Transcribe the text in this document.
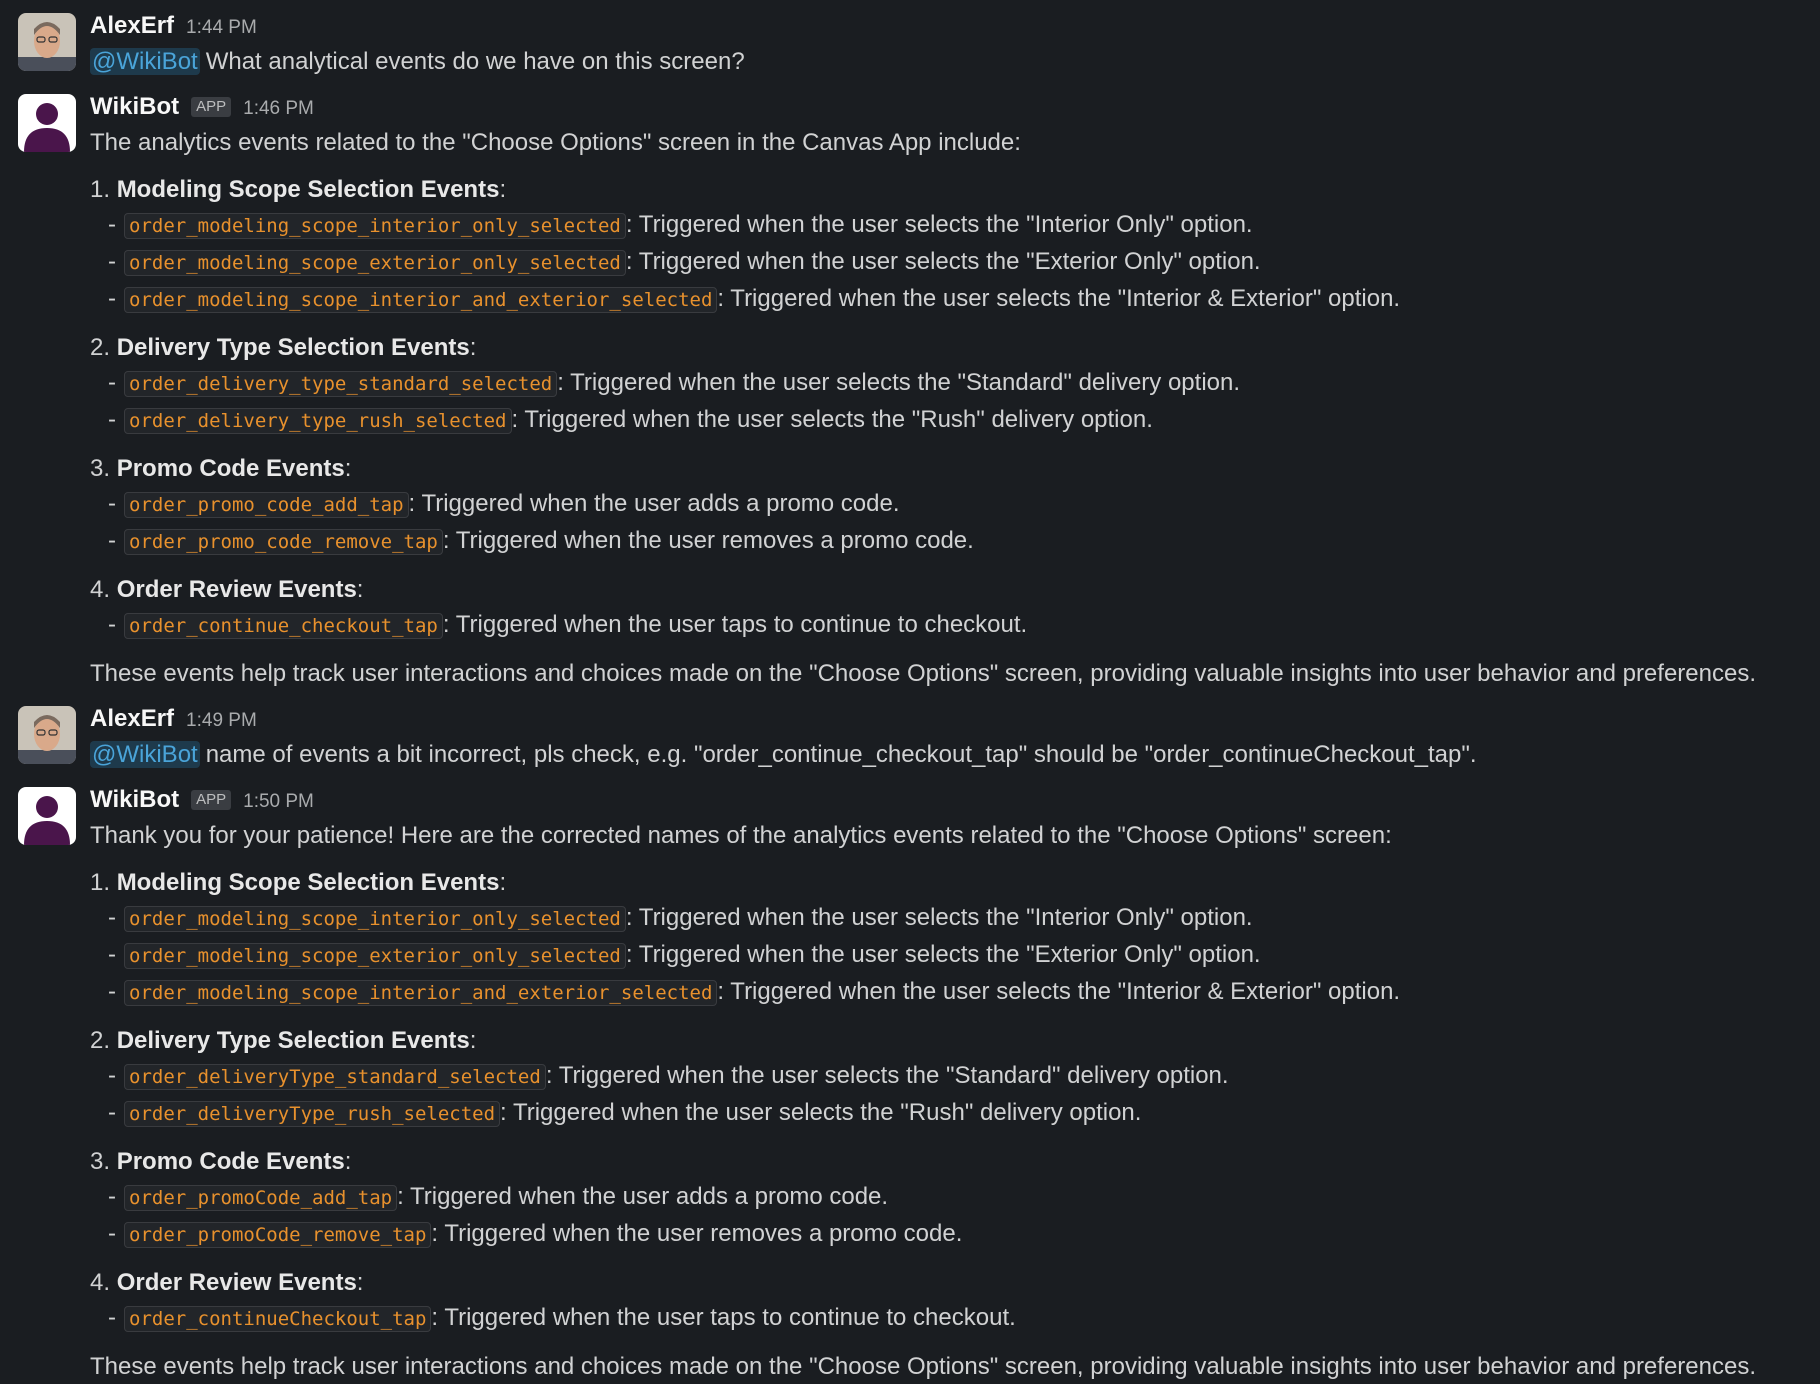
AlexErf 1:44 PM
@WikiBot What analytical events do we have on this screen?
WikiBot	APP 1:46 PM
The analytics events related to the "Choose Options" screen in the Canvas App include:
1. Modeling Scope Selection Events:
- order_modeling_scope_interior_only_selected : Triggered when the user selects the "Interior Only" option.
- order_modeling_scope_exterior_only_selected : Triggered when the user selects the "Exterior Only" option.
- order_modeling_scope_interior_and_exterior_selected : Triggered when the user selects the "Interior & Exterior" option.
2. Delivery Type Selection Events:
- order_delivery_type_standard_selected : Triggered when the user selects the "Standard" delivery option.
- order_delivery_type_rush_selected : Triggered when the user selects the "Rush" delivery option.
3. Promo Code Events:
- order_promo_code_add_tap : Triggered when the user adds a promo code.
- order_promo_code_remove_tap : Triggered when the user removes a promo code.
4. Order Review Events:
- order_continue_checkout_tap : Triggered when the user taps to continue to checkout.
These events help track user interactions and choices made on the "Choose Options" screen, providing valuable insights into user behavior and preferences.
AlexErf 1:49 PM
@WikiBot name of events a bit incorrect, pls check, e.g. "order_continue_checkout_tap" should be "order_continueCheckout_tap".
WikiBot	APP 1:50 PM
Thank you for your patience! Here are the corrected names of the analytics events related to the "Choose Options" screen:
1. Modeling Scope Selection Events:
- order_modeling_scope_interior_only_selected : Triggered when the user selects the "Interior Only" option.
- order_modeling_scope_exterior_only_selected : Triggered when the user selects the "Exterior Only" option.
- order_modeling_scope_interior_and_exterior_selected : Triggered when the user selects the "Interior & Exterior" option.
2. Delivery Type Selection Events:
- order_deliveryType_standard_selected : Triggered when the user selects the "Standard" delivery option.
- order_deliveryType_rush_selected : Triggered when the user selects the "Rush" delivery option.
3. Promo Code Events:
- order_promoCode_add_tap : Triggered when the user adds a promo code.
- order_promoCode_remove_tap : Triggered when the user removes a promo code.
4. Order Review Events:
- order_continueCheckout_tap : Triggered when the user taps to continue to checkout.
These events help track user interactions and choices made on the "Choose Options" screen, providing valuable insights into user behavior and preferences.
